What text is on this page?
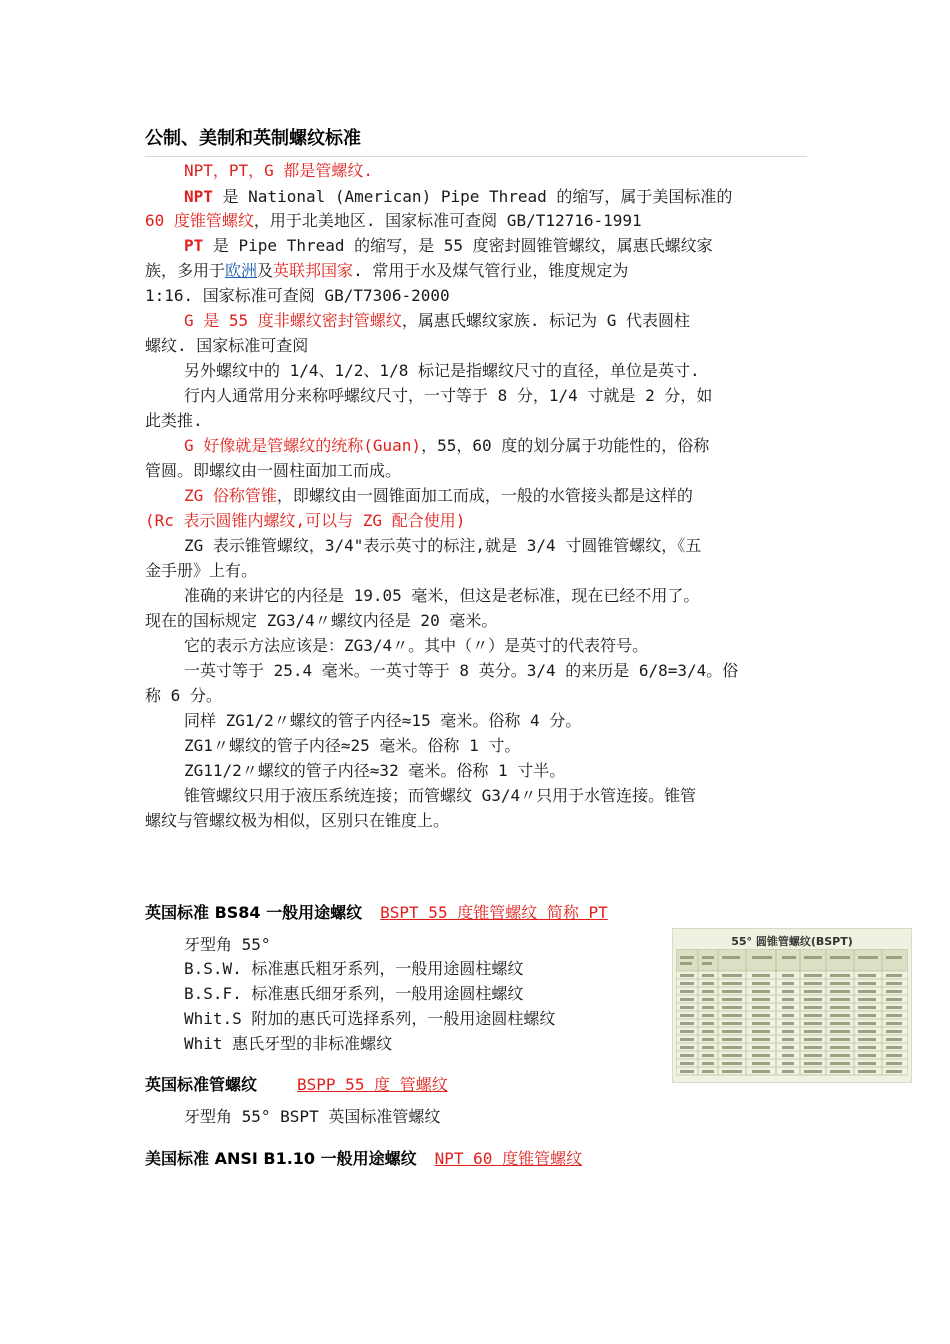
公制、美制和英制螺纹标准
NPT，PT，G 都是管螺纹.
NPT 是 National (American) Pipe Thread 的缩写，属于美国标准的
60 度锥管螺纹，用于北美地区. 国家标准可查阅 GB/T12716-1991
PT 是 Pipe Thread 的缩写，是 55 度密封圆锥管螺纹，属惠氏螺纹家
族，多用于欧洲及英联邦国家. 常用于水及煤气管行业，锥度规定为
1:16. 国家标准可查阅 GB/T7306-2000
G 是 55 度非螺纹密封管螺纹，属惠氏螺纹家族. 标记为 G 代表圆柱
螺纹. 国家标准可查阅
另外螺纹中的 1/4、1/2、1/8 标记是指螺纹尺寸的直径，单位是英寸.
行内人通常用分来称呼螺纹尺寸，一寸等于 8 分，1/4 寸就是 2 分，如
此类推.
G 好像就是管螺纹的统称(Guan)，55，60 度的划分属于功能性的，俗称
管圆。即螺纹由一圆柱面加工而成。
ZG 俗称管锥，即螺纹由一圆锥面加工而成，一般的水管接头都是这样的
(Rc 表示圆锥内螺纹,可以与 ZG 配合使用)
ZG 表示锥管螺纹，3/4"表示英寸的标注,就是 3/4 寸圆锥管螺纹，《五
金手册》上有。
准确的来讲它的内径是 19.05 毫米，但这是老标准，现在已经不用了。
现在的国标规定 ZG3/4〃螺纹内径是 20 毫米。
它的表示方法应该是：ZG3/4〃。其中（〃）是英寸的代表符号。
一英寸等于 25.4 毫米。一英寸等于 8 英分。3/4 的来历是 6/8=3/4。俗
称 6 分。
同样 ZG1/2〃螺纹的管子内径≈15 毫米。俗称 4 分。
ZG1〃螺纹的管子内径≈25 毫米。俗称 1 寸。
ZG11/2〃螺纹的管子内径≈32 毫米。俗称 1 寸半。
锥管螺纹只用于液压系统连接；而管螺纹 G3/4〃只用于水管连接。锥管
螺纹与管螺纹极为相似，区别只在锥度上。
英国标准 BS84 一般用途螺纹 BSPT 55 度锥管螺纹 简称 PT
牙型角 55°
B.S.W. 标准惠氏粗牙系列，一般用途圆柱螺纹
B.S.F. 标准惠氏细牙系列，一般用途圆柱螺纹
Whit.S 附加的惠氏可选择系列，一般用途圆柱螺纹
Whit 惠氏牙型的非标准螺纹
55° 圆锥管螺纹(BSPT)
英国标准管螺纹	BSPP 55 度 管螺纹
牙型角 55° BSPT 英国标准管螺纹
美国标准 ANSI B1.10 一般用途螺纹 NPT 60 度锥管螺纹
